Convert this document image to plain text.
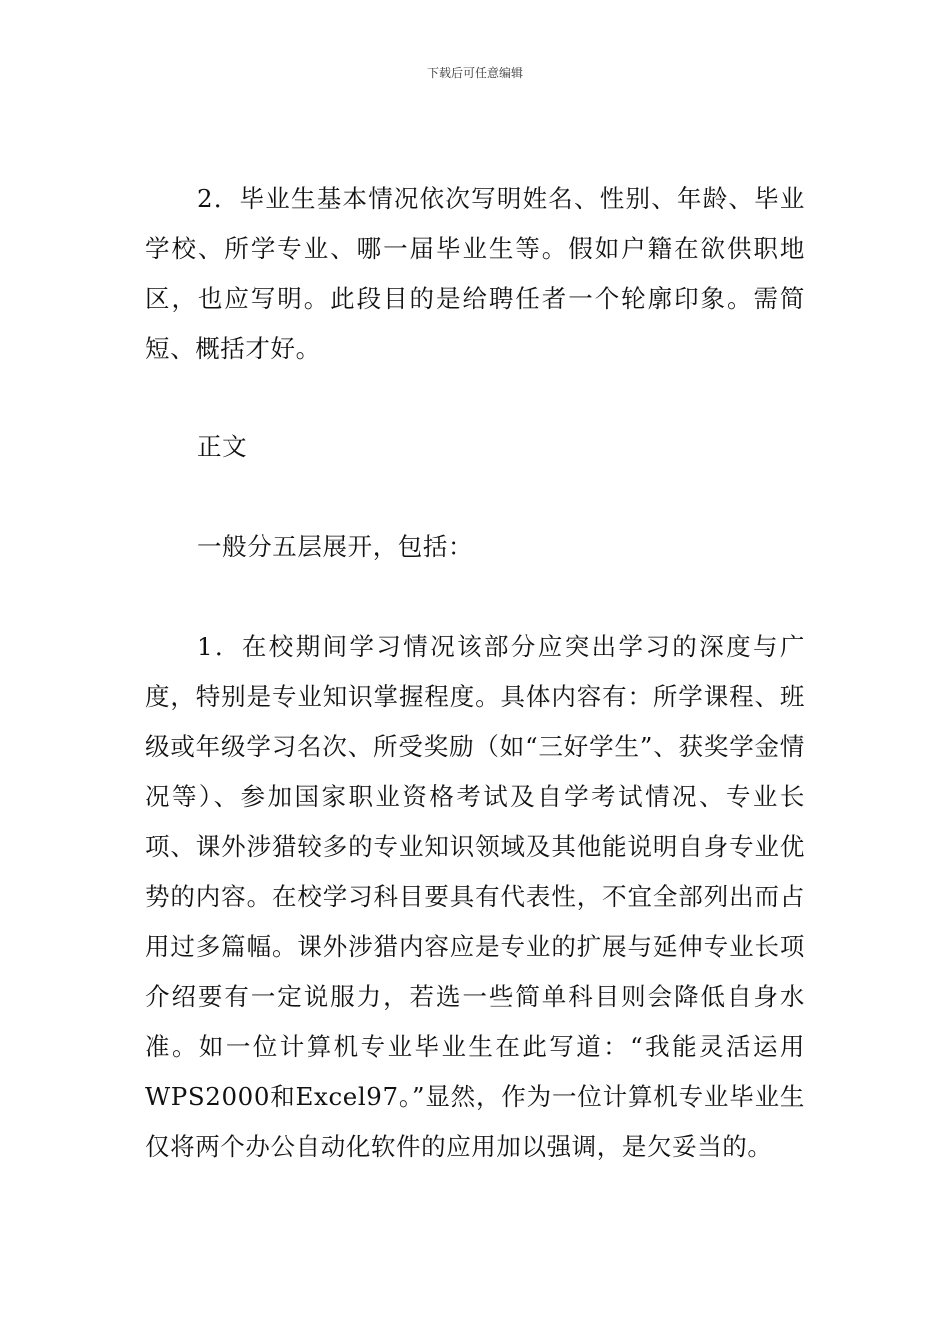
下载后可任意编辑

2．毕业生基本情况依次写明姓名、性别、年龄、毕业学校、所学专业、哪一届毕业生等。假如户籍在欲供职地区，也应写明。此段目的是给聘任者一个轮廓印象。需简短、概括才好。

正文

一般分五层展开，包括：

1．在校期间学习情况该部分应突出学习的深度与广度，特别是专业知识掌握程度。具体内容有：所学课程、班级或年级学习名次、所受奖励（如“三好学生”、获奖学金情况等）、参加国家职业资格考试及自学考试情况、专业长项、课外涉猎较多的专业知识领域及其他能说明自身专业优势的内容。在校学习科目要具有代表性，不宜全部列出而占用过多篇幅。课外涉猎内容应是专业的扩展与延伸专业长项介绍要有一定说服力，若选一些简单科目则会降低自身水准。如一位计算机专业毕业生在此写道：“我能灵活运用WPS2000和Excel97。”显然，作为一位计算机专业毕业生仅将两个办公自动化软件的应用加以强调，是欠妥当的。
